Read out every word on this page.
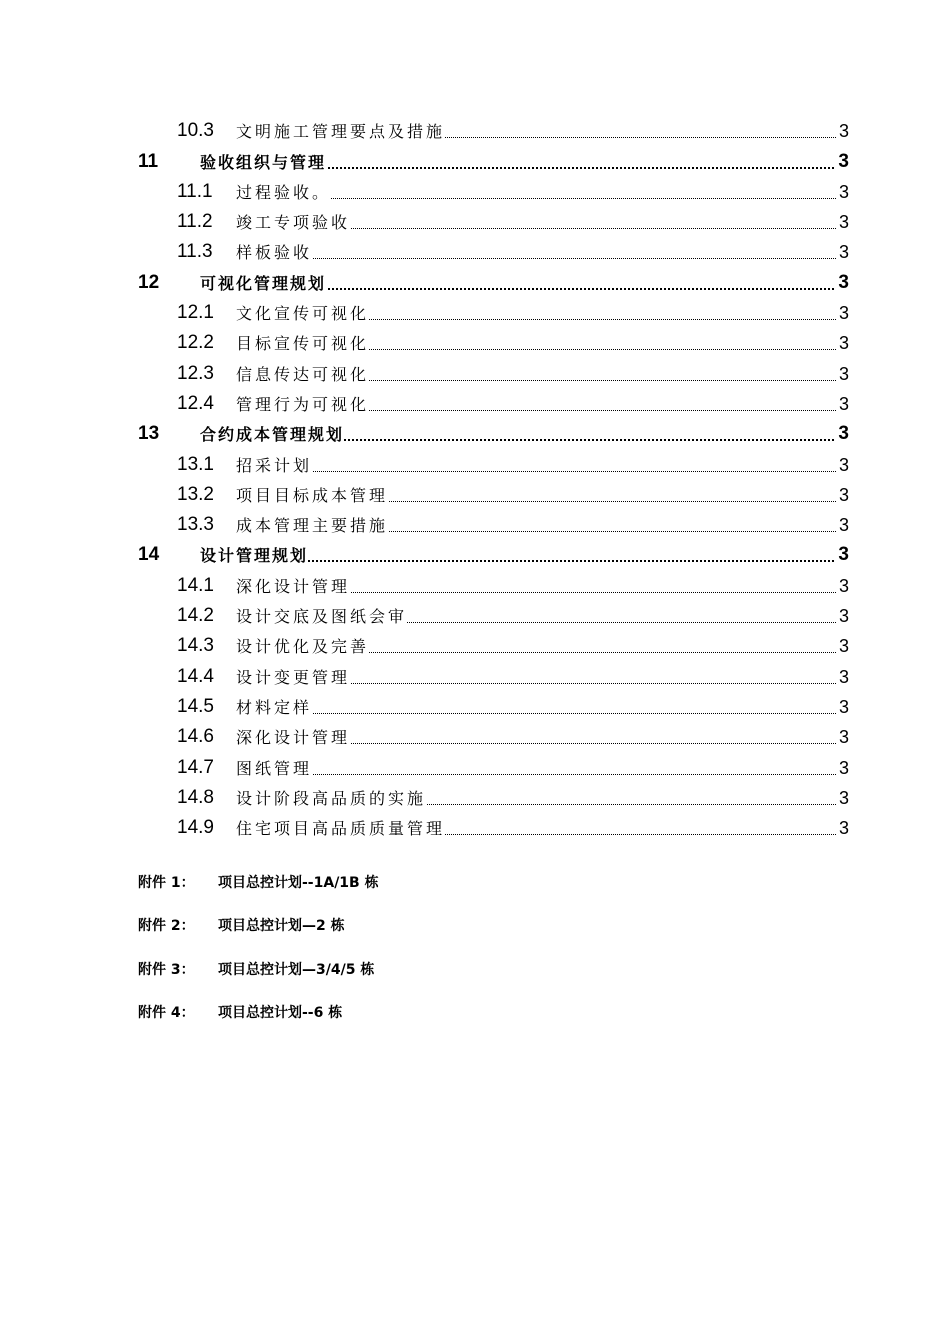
10.3 文明施工管理要点及措施	3
11	验收组织与管理	3
11.1 过程验收。	3
11.2 竣工专项验收	3
11.3 样板验收	3
12	可视化管理规划	3
12.1 文化宣传可视化	3
12.2 目标宣传可视化	3
12.3 信息传达可视化	3
12.4 管理行为可视化	3
13	合约成本管理规划	3
13.1 招采计划	3
13.2 项目目标成本管理	3
13.3 成本管理主要措施	3
14	设计管理规划	3
14.1 深化设计管理	3
14.2 设计交底及图纸会审	3
14.3 设计优化及完善	3
14.4 设计变更管理	3
14.5 材料定样	3
14.6 深化设计管理	3
14.7 图纸管理	3
14.8 设计阶段高品质的实施	3
14.9 住宅项目高品质质量管理	3
附件 1： 项目总控计划--1A/1B 栋
附件 2： 项目总控计划—2 栋
附件 3： 项目总控计划—3/4/5 栋
附件 4： 项目总控计划--6 栋
